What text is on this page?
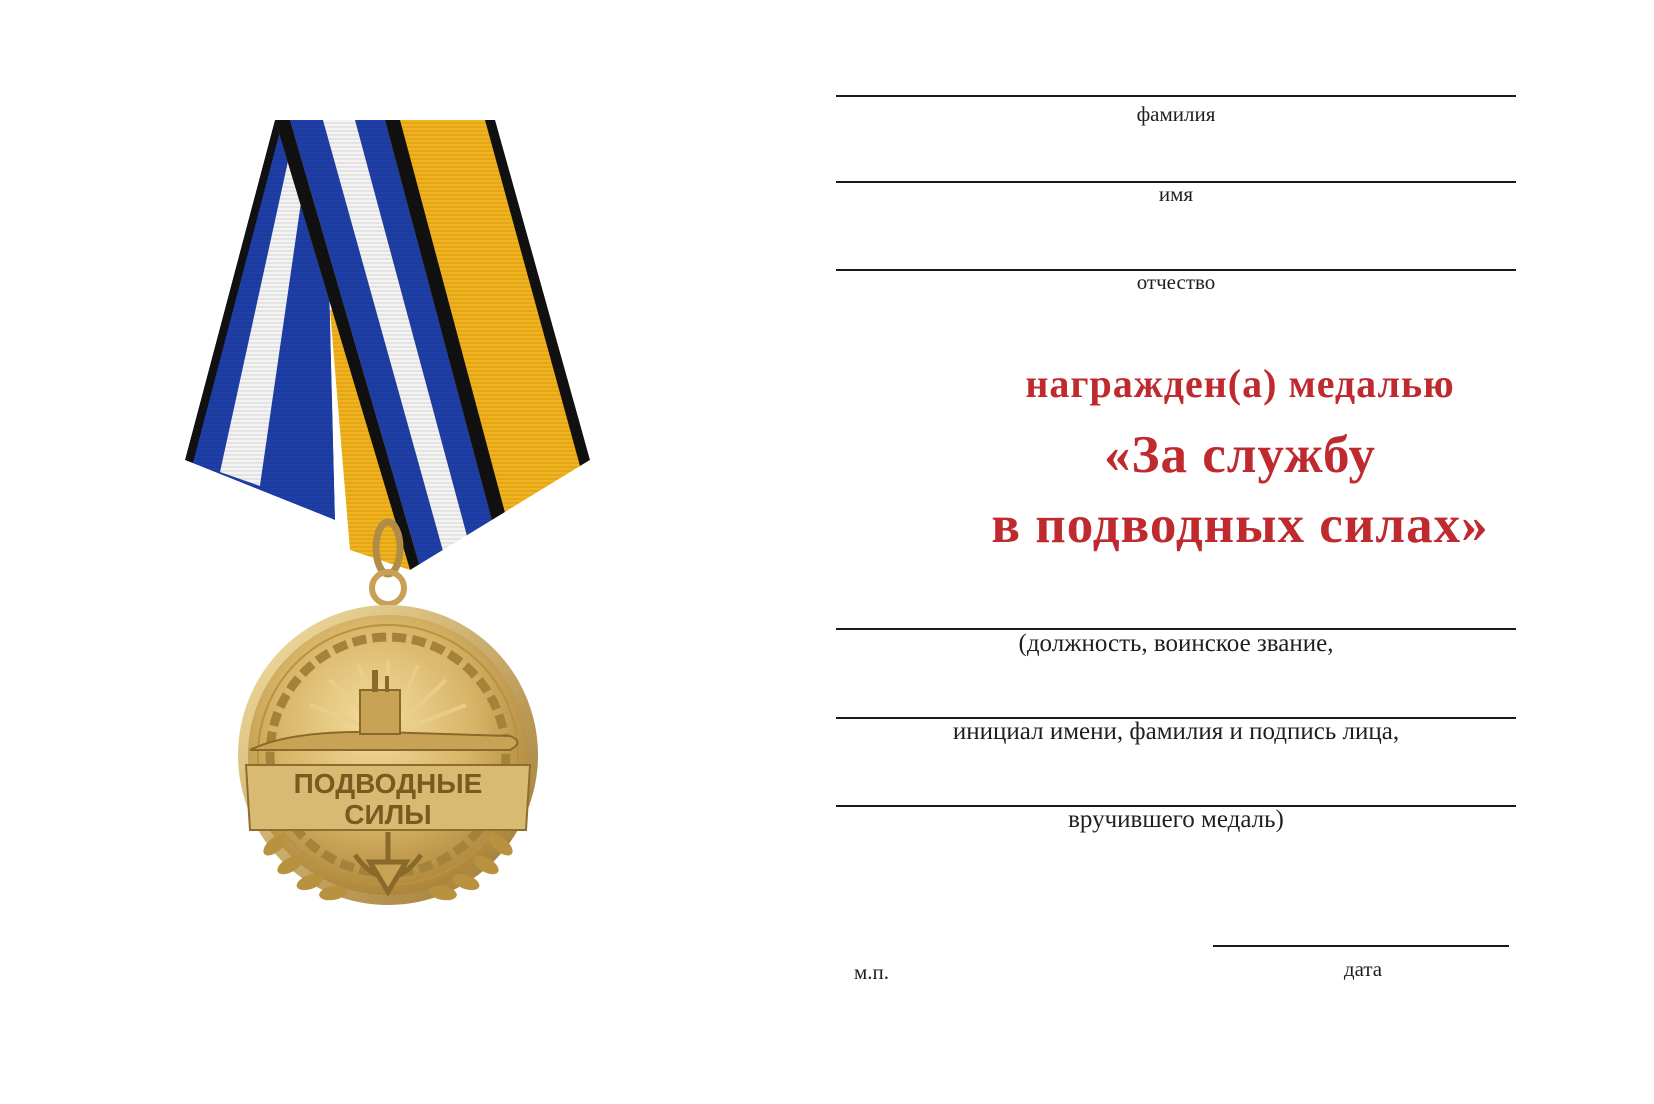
ПОДВОДНЫЕ
СИЛЫ
фамилия
имя
отчество
награжден(а) медалью
«За службу
в подводных силах»
(должность, воинское звание,
инициал имени, фамилия и подпись лица,
вручившего медаль)
м.п.	дата
